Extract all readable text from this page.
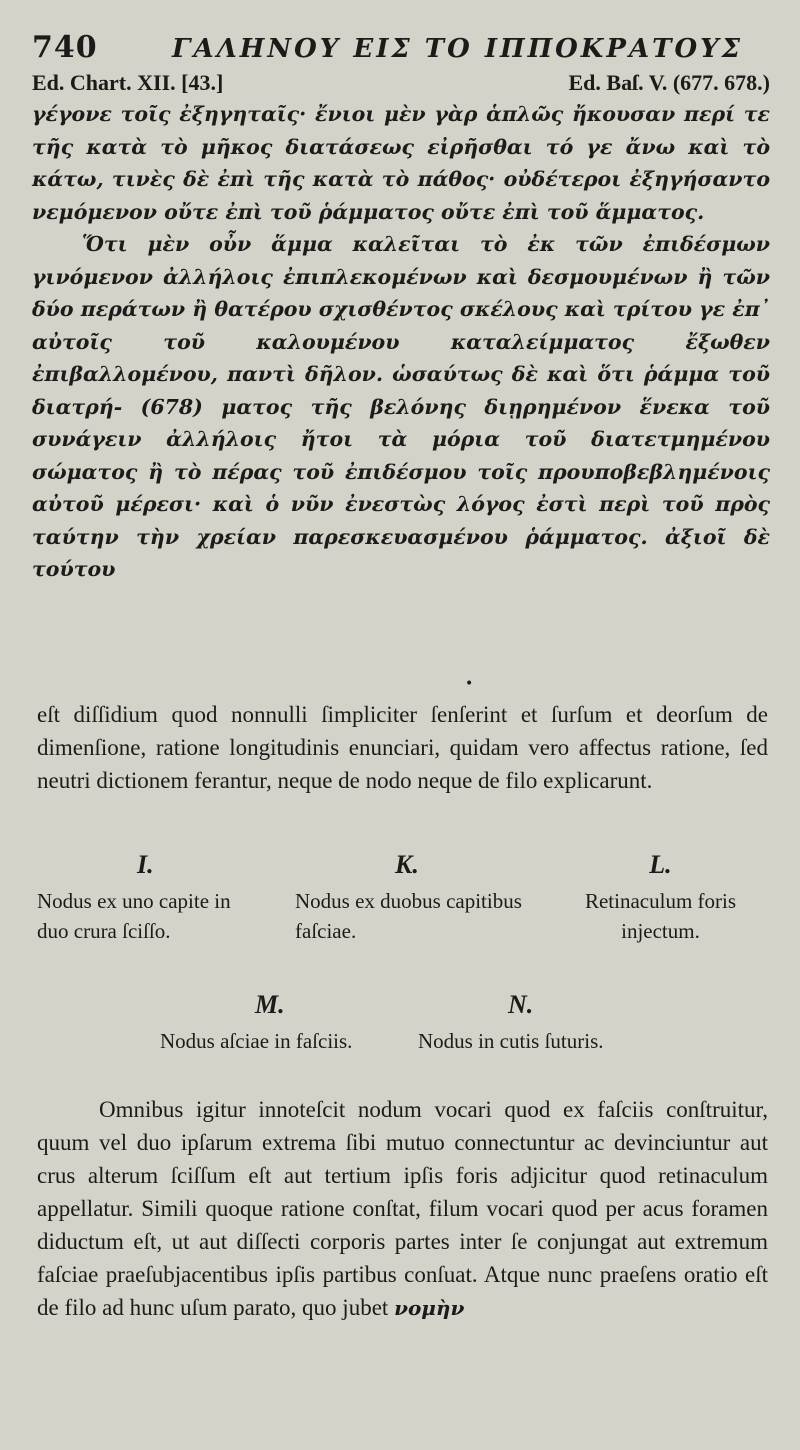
740	ΓΑΛΗΝΟΥ ΕΙΣ ΤΟ ΙΠΠΟΚΡΑΤΟΥΣ
Ed. Chart. XII. [43.]	Ed. Baſ. V. (677. 678.)

γέγονε τοῖς ἐξηγηταῖς· ἔνιοι μὲν γὰρ ἁπλῶς ἤκουσαν περί τε τῆς κατὰ τὸ μῆκος διατάσεως εἰρῆσθαι τό γε ἄνω καὶ τὸ κάτω, τινὲς δὲ ἐπὶ τῆς κατὰ τὸ πάθος· οὐδέτεροι ἐξηγήσαντο νεμόμενον οὔτε ἐπὶ τοῦ ῥάμματος οὔτε ἐπὶ τοῦ ἅμματος.

Ὅτι μὲν οὖν ἅμμα καλεῖται τὸ ἐκ τῶν ἐπιδέσμων γινόμενον ἀλλήλοις ἐπιπλεκομένων καὶ δεσμουμένων ἢ τῶν δύο περάτων ἢ θατέρου σχισθέντος σκέλους καὶ τρίτου γε ἐπ᾽ αὐτοῖς τοῦ καλουμένου καταλείμματος ἔξωθεν ἐπιβαλλομένου, παντὶ δῆλον. ὡσαύτως δὲ καὶ ὅτι ῥάμμα τοῦ διατρή- (678) ματος τῆς βελόνης διῃρημένον ἕνεκα τοῦ συνάγειν ἀλλήλοις ἤτοι τὰ μόρια τοῦ διατετμημένου σώματος ἢ τὸ πέρας τοῦ ἐπιδέσμου τοῖς προυποβεβλημένοις αὐτοῦ μέρεσι· καὶ ὁ νῦν ἐνεστὼς λόγος ἐστὶ περὶ τοῦ πρὸς ταύτην τὴν χρείαν παρεσκευασμένου ῥάμματος. ἀξιοῖ δὲ τούτου

•

eſt diſſidium quod nonnulli ſimpliciter ſenſerint et ſurſum et deorſum de dimenſione, ratione longitudinis enunciari, quidam vero affectus ratione, ſed neutri dictionem ferantur, neque de nodo neque de filo explicarunt.

I.
Nodus ex uno capite in duo crura ſciſſo.
K.
Nodus ex duobus capitibus faſciae.
L.
Retinaculum foris injectum.
M.
Nodus aſciae in faſciis.
N.
Nodus in cutis ſuturis.

Omnibus igitur innoteſcit nodum vocari quod ex faſciis conſtruitur, quum vel duo ipſarum extrema ſibi mutuo connectuntur ac devinciuntur aut crus alterum ſciſſum eſt aut tertium ipſis foris adjicitur quod retinaculum appellatur. Simili quoque ratione conſtat, filum vocari quod per acus foramen diductum eſt, ut aut diſſecti corporis partes inter ſe conjungat aut extremum faſciae praeſubjacentibus ipſis partibus conſuat. Atque nunc praeſens oratio eſt de filo ad hunc uſum parato, quo jubet νομὴν
